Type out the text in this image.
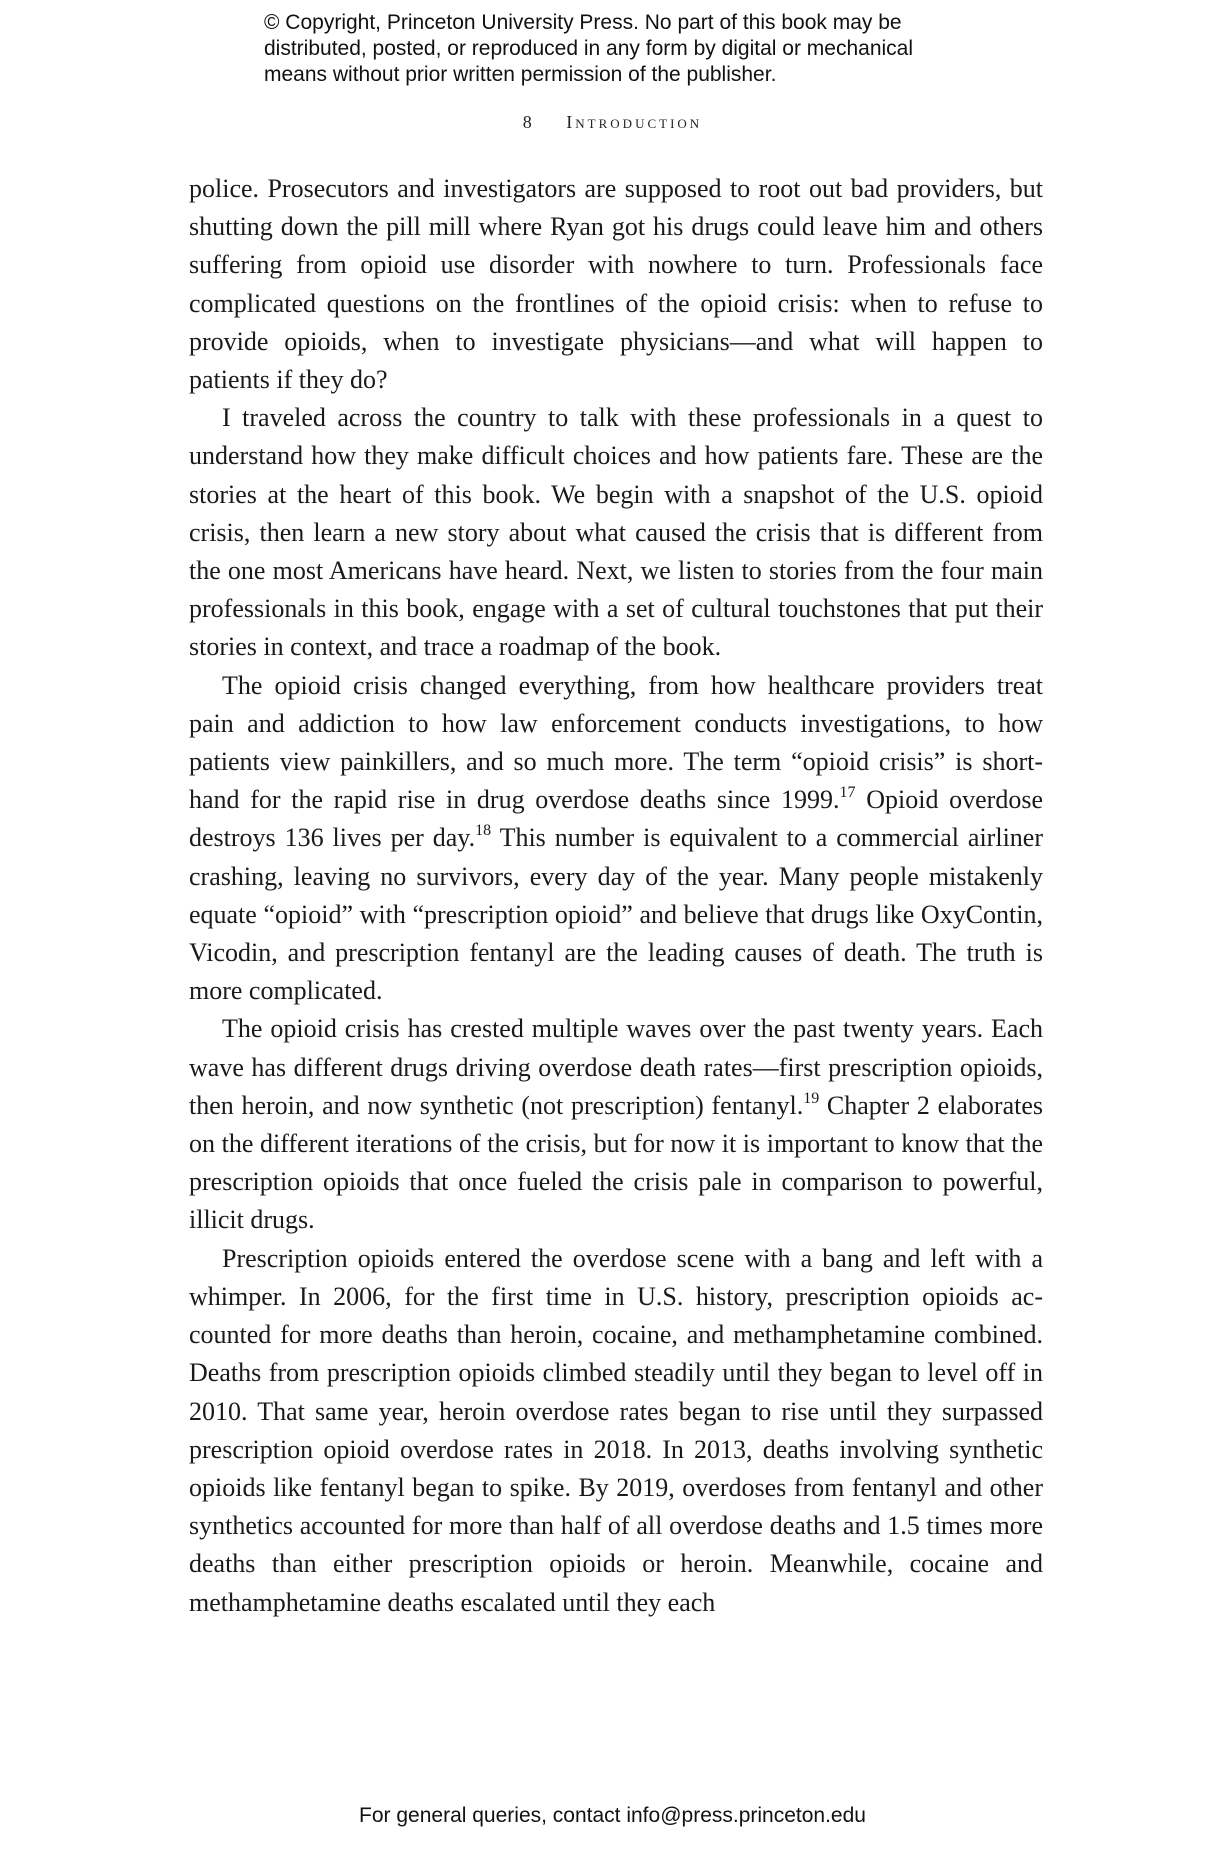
© Copyright, Princeton University Press. No part of this book may be
distributed, posted, or reproduced in any form by digital or mechanical
means without prior written permission of the publisher.
8 Introduction

police. Prosecutors and investigators are supposed to root out bad providers, but shutting down the pill mill where Ryan got his drugs could leave him and others suffering from opioid use disorder with nowhere to turn. Professionals face complicated questions on the frontlines of the opioid crisis: when to refuse to provide opioids, when to investigate physicians—and what will happen to patients if they do?

I traveled across the country to talk with these professionals in a quest to understand how they make difficult choices and how patients fare. These are the stories at the heart of this book. We begin with a snapshot of the U.S. opioid crisis, then learn a new story about what caused the crisis that is different from the one most Americans have heard. Next, we listen to stories from the four main professionals in this book, engage with a set of cultural touchstones that put their stories in context, and trace a roadmap of the book.

The opioid crisis changed everything, from how healthcare providers treat pain and addiction to how law enforcement conducts investigations, to how patients view painkillers, and so much more. The term “opioid crisis” is shorthand for the rapid rise in drug overdose deaths since 1999.17 Opioid overdose destroys 136 lives per day.$^{18}$ This number is equivalent to a commercial airliner crashing, leaving no survivors, every day of the year. Many people mistakenly equate “opioid” with “prescription opioid” and believe that drugs like OxyContin, Vicodin, and prescription fentanyl are the leading causes of death. The truth is more complicated.

The opioid crisis has crested multiple waves over the past twenty years. Each wave has different drugs driving overdose death rates—first prescription opioids, then heroin, and now synthetic (not prescription) fentanyl.$^{19}$ Chapter 2 elaborates on the different iterations of the crisis, but for now it is important to know that the prescription opioids that once fueled the crisis pale in comparison to powerful, illicit drugs.

Prescription opioids entered the overdose scene with a bang and left with a whimper. In 2006, for the first time in U.S. history, prescription opioids accounted for more deaths than heroin, cocaine, and methamphetamine combined. Deaths from prescription opioids climbed steadily until they began to level off in 2010. That same year, heroin overdose rates began to rise until they surpassed prescription opioid overdose rates in 2018. In 2013, deaths involving synthetic opioids like fentanyl began to spike. By 2019, overdoses from fentanyl and other synthetics accounted for more than half of all overdose deaths and 1.5 times more deaths than either prescription opioids or heroin. Meanwhile, cocaine and methamphetamine deaths escalated until they each

For general queries, contact info@press.princeton.edu
